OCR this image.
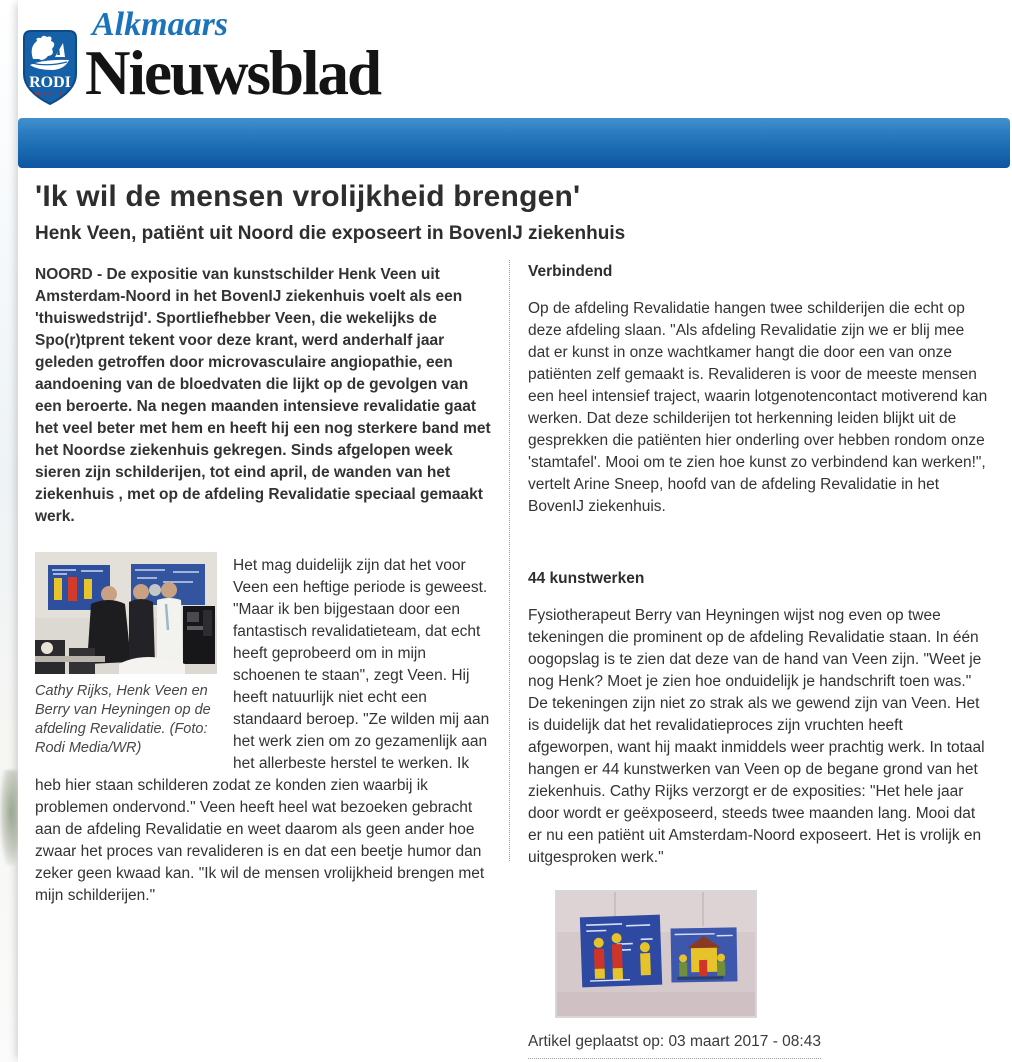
RODI
media
Alkmaars
Nieuwsblad
'Ik wil de mensen vrolijkheid brengen'
Henk Veen, patiënt uit Noord die exposeert in BovenIJ ziekenhuis

NOORD - De expositie van kunstschilder Henk Veen uit Amsterdam-Noord in het BovenIJ ziekenhuis voelt als een 'thuiswedstrijd'. Sportliefhebber Veen, die wekelijks de Spo(r)tprent tekent voor deze krant, werd anderhalf jaar geleden getroffen door microvasculaire angiopathie, een aandoening van de bloedvaten die lijkt op de gevolgen van een beroerte. Na negen maanden intensieve revalidatie gaat het veel beter met hem en heeft hij een nog sterkere band met het Noordse ziekenhuis gekregen. Sinds afgelopen week sieren zijn schilderijen, tot eind april, de wanden van het ziekenhuis , met op de afdeling Revalidatie speciaal gemaakt werk.

Cathy Rijks, Henk Veen en Berry van Heyningen op de afdeling Revalidatie. (Foto: Rodi Media/WR)

Het mag duidelijk zijn dat het voor Veen een heftige periode is geweest. "Maar ik ben bijgestaan door een fantastisch revalidatieteam, dat echt heeft geprobeerd om in mijn schoenen te staan", zegt Veen. Hij heeft natuurlijk niet echt een standaard beroep. "Ze wilden mij aan het werk zien om zo gezamenlijk aan het allerbeste herstel te werken. Ik heb hier staan schilderen zodat ze konden zien waarbij ik problemen ondervond." Veen heeft heel wat bezoeken gebracht aan de afdeling Revalidatie en weet daarom als geen ander hoe zwaar het proces van revalideren is en dat een beetje humor dan zeker geen kwaad kan. "Ik wil de mensen vrolijkheid brengen met mijn schilderijen."

Verbindend

Op de afdeling Revalidatie hangen twee schilderijen die echt op deze afdeling slaan. "Als afdeling Revalidatie zijn we er blij mee dat er kunst in onze wachtkamer hangt die door een van onze patiënten zelf gemaakt is. Revalideren is voor de meeste mensen een heel intensief traject, waarin lotgenotencontact motiverend kan werken. Dat deze schilderijen tot herkenning leiden blijkt uit de gesprekken die patiënten hier onderling over hebben rondom onze 'stamtafel'. Mooi om te zien hoe kunst zo verbindend kan werken!", vertelt Arine Sneep, hoofd van de afdeling Revalidatie in het BovenIJ ziekenhuis.

44 kunstwerken

Fysiotherapeut Berry van Heyningen wijst nog even op twee tekeningen die prominent op de afdeling Revalidatie staan. In één oogopslag is te zien dat deze van de hand van Veen zijn. "Weet je nog Henk? Moet je zien hoe onduidelijk je handschrift toen was." De tekeningen zijn niet zo strak als we gewend zijn van Veen. Het is duidelijk dat het revalidatieproces zijn vruchten heeft afgeworpen, want hij maakt inmiddels weer prachtig werk. In totaal hangen er 44 kunstwerken van Veen op de begane grond van het ziekenhuis. Cathy Rijks verzorgt er de exposities: "Het hele jaar door wordt er geëxposeerd, steeds twee maanden lang. Mooi dat er nu een patiënt uit Amsterdam-Noord exposeert. Het is vrolijk en uitgesproken werk."

Artikel geplaatst op: 03 maart 2017 - 08:43
